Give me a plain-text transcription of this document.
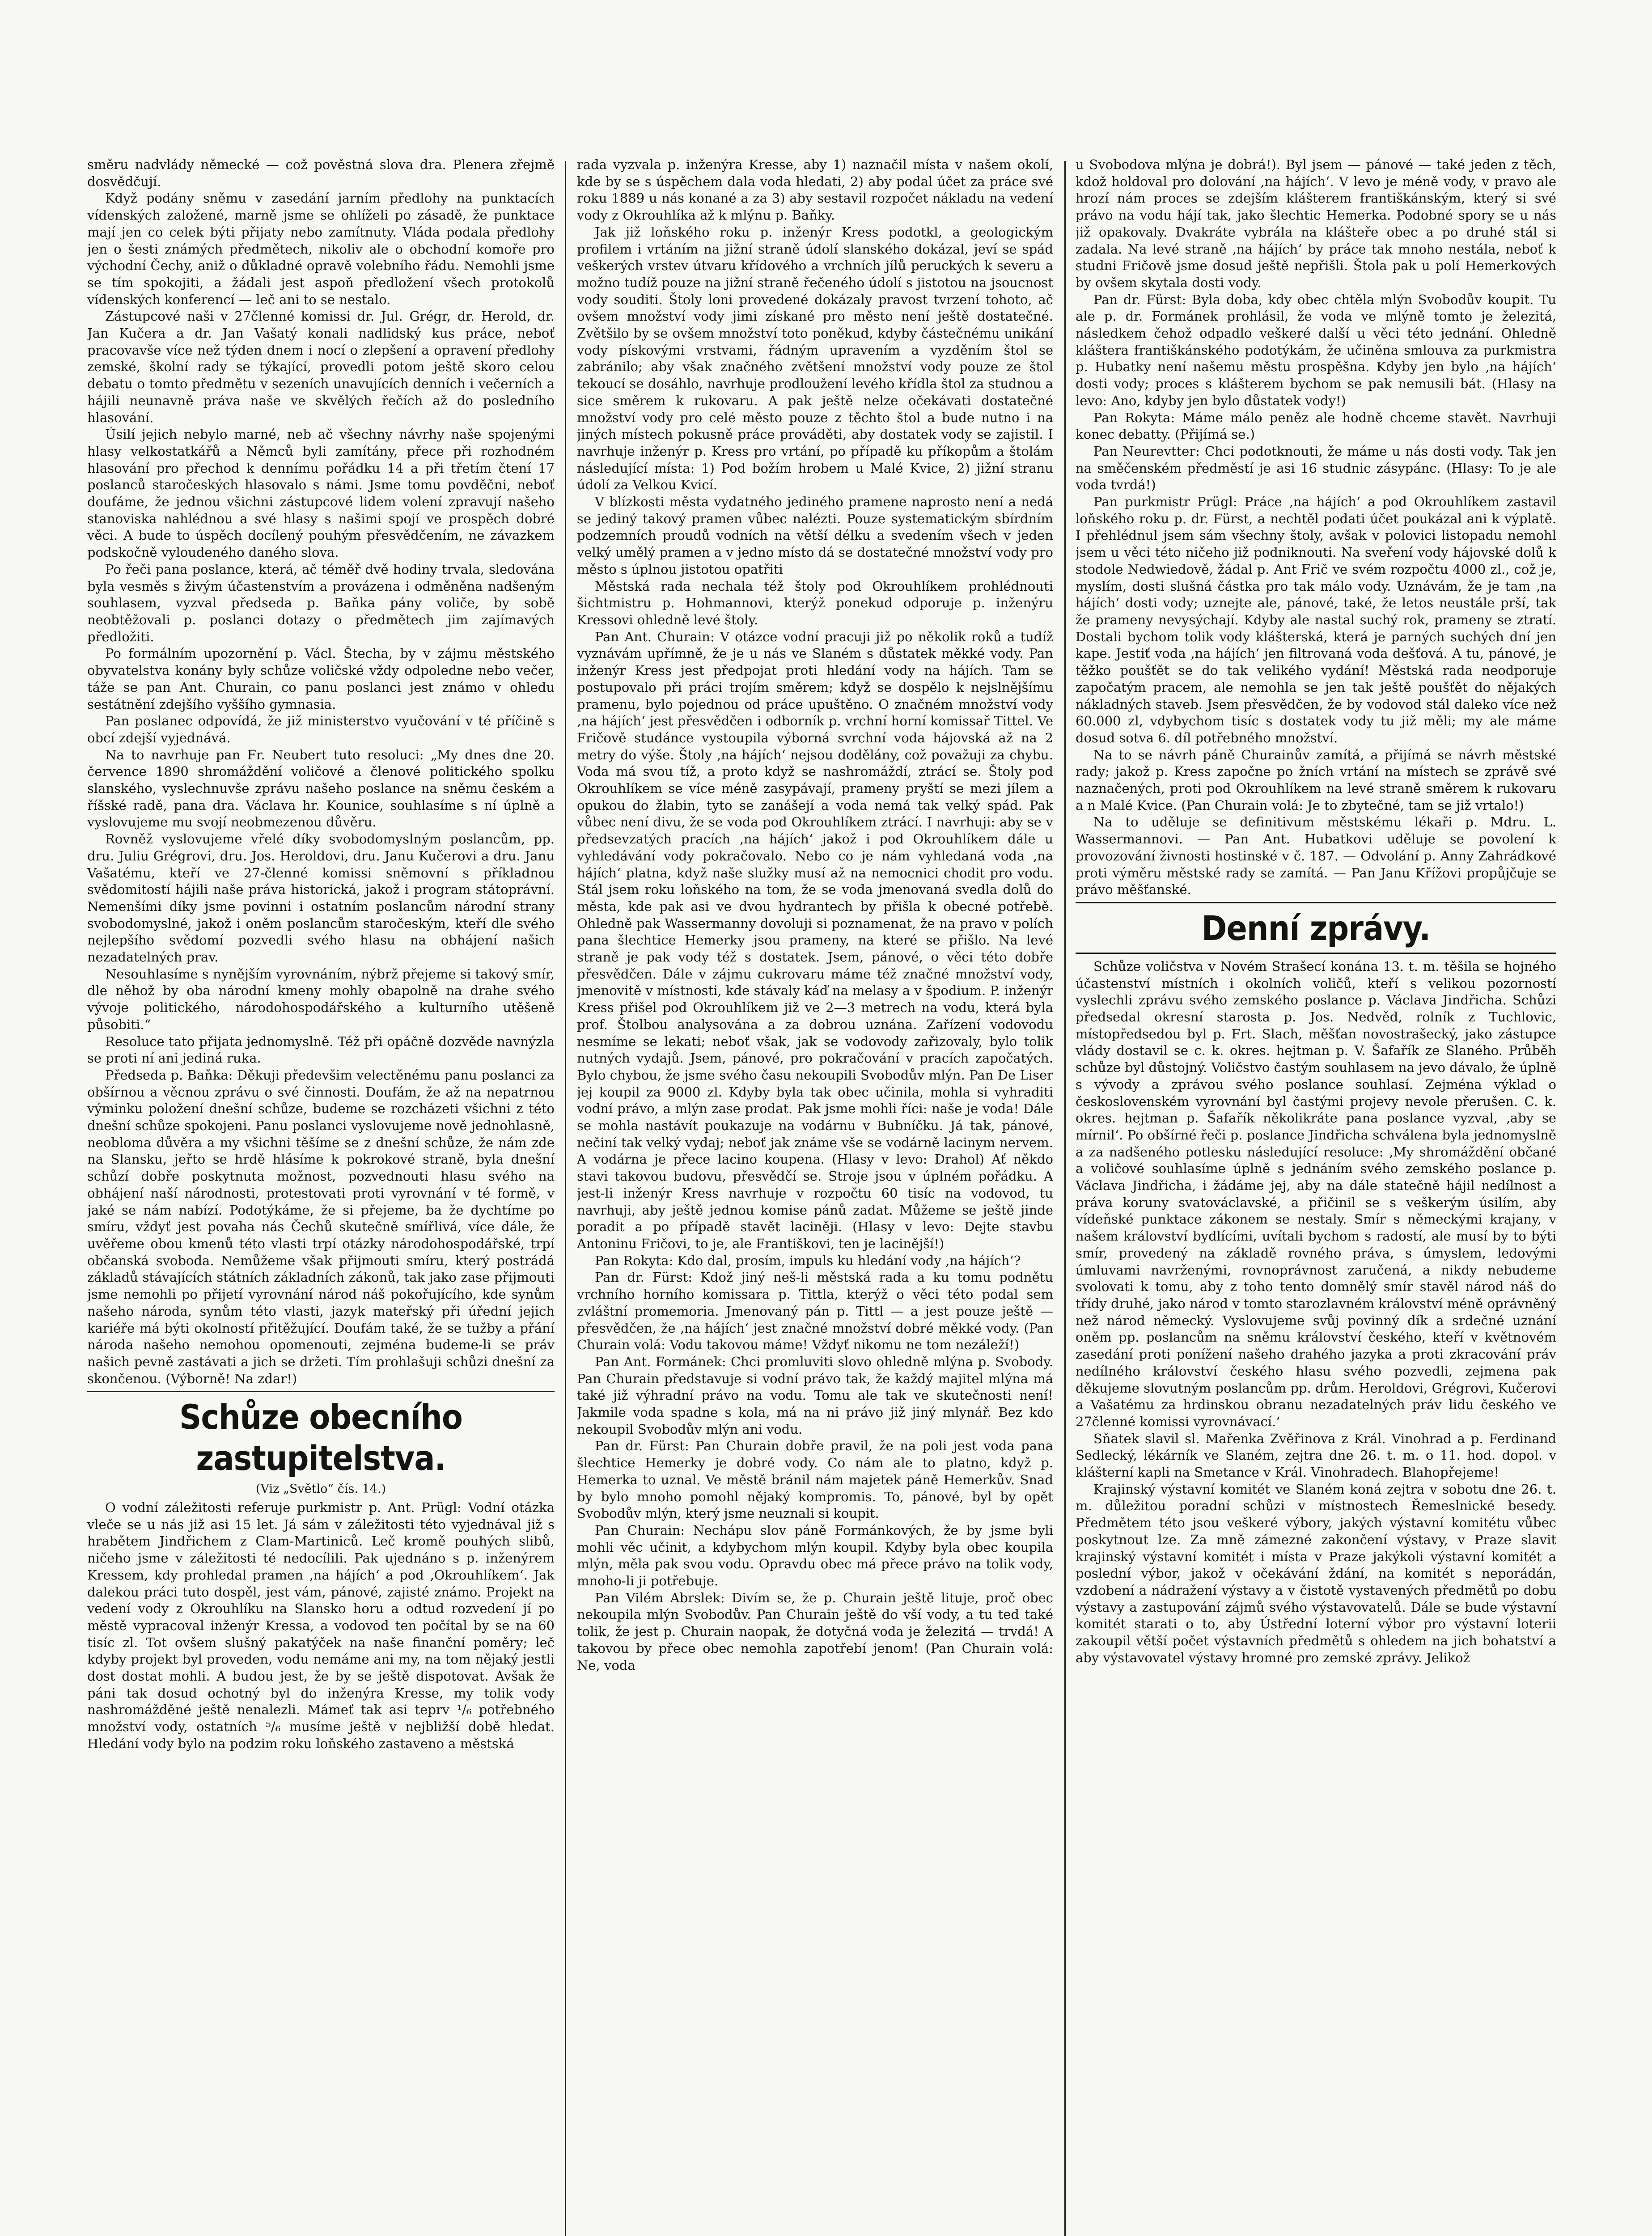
směru nadvlády německé — což pověstná slova dra. Plenera zřejmě dosvědčují.

Když podány sněmu v zasedání jarním předlohy na punktacích vídenských založené, marně jsme se ohlíželi po zásadě, že punktace mají jen co celek býti přijaty nebo zamítnuty. Vláda podala předlohy jen o šesti známých předmětech, nikoliv ale o obchodní komoře pro východní Čechy, aniž o důkladné opravě volebního řádu. Nemohli jsme se tím spokojiti, a žádali jest aspoň předložení všech protokolů vídenských konferencí — leč ani to se nestalo.

Zástupcové naši v 27členné komissi dr. Jul. Grégr, dr. Herold, dr. Jan Kučera a dr. Jan Vašatý konali nadlidský kus práce, neboť pracovavše více než týden dnem i nocí o zlepšení a opravení předlohy zemské, školní rady se týkající, provedli potom ještě skoro celou debatu o tomto předmětu v sezeních unavujících denních i večerních a hájili neunavně práva naše ve skvělých řečích až do posledního hlasování.

Úsilí jejich nebylo marné, neb ač všechny návrhy naše spojenými hlasy velkostatkářů a Němců byli zamítány, přece při rozhodném hlasování pro přechod k dennímu pořádku 14 a při třetím čtení 17 poslanců staročeských hlasovalo s námi. Jsme tomu povděčni, neboť doufáme, že jednou všichni zástupcové lidem volení zpravují našeho stanoviska nahlédnou a své hlasy s našimi spojí ve prospěch dobré věci. A bude to úspěch docílený pouhým přesvědčením, ne závazkem podskočně vyloudeného daného slova.

Po řeči pana poslance, která, ač téměř dvě hodiny trvala, sledována byla vesměs s živým účastenstvím a provázena i odměněna nadšeným souhlasem, vyzval předseda p. Baňka pány voliče, by sobě neobtěžovali p. poslanci dotazy o předmětech jim zajímavých předložiti.

Po formálním upozornění p. Václ. Štecha, by v zájmu městského obyvatelstva konány byly schůze voličské vždy odpoledne nebo večer, táže se pan Ant. Churain, co panu poslanci jest známo v ohledu sestátnění zdejšího vyššího gymnasia.

Pan poslanec odpovídá, že již ministerstvo vyučování v té příčině s obcí zdejší vyjednává.

Na to navrhuje pan Fr. Neubert tuto resoluci: „My dnes dne 20. července 1890 shromáždění voličové a členové politického spolku slanského, vyslechnuvše zprávu našeho poslance na sněmu českém a říšské radě, pana dra. Václava hr. Kounice, souhlasíme s ní úplně a vyslovujeme mu svojí neobmezenou důvěru.

Rovněž vyslovujeme vřelé díky svobodomyslným poslancům, pp. dru. Juliu Grégrovi, dru. Jos. Heroldovi, dru. Janu Kučerovi a dru. Janu Vašatému, kteří ve 27-členné komissi sněmovní s příkladnou svědomitostí hájili naše práva historická, jakož i program státoprávní. Nemenšími díky jsme povinni i ostatním poslancům národní strany svobodomyslné, jakož i oněm poslancům staročeským, kteří dle svého nejlepšího svědomí pozvedli svého hlasu na obhájení našich nezadatelných prav.

Nesouhlasíme s nynějším vyrovnáním, nýbrž přejeme si takový smír, dle něhož by oba národní kmeny mohly obapolně na drahe svého vývoje politického, národohospodářského a kulturního utěšeně působiti.“

Resoluce tato přijata jednomyslně. Též při opáčně dozvěde navnýzla se proti ní ani jediná ruka.

Předseda p. Baňka: Děkuji předevšim velectěnému panu poslanci za obšírnou a věcnou zprávu o své činnosti. Doufám, že až na nepatrnou výminku položení dnešní schůze, budeme se rozcházeti všichni z této dnešní schůze spokojeni. Panu poslanci vyslovujeme nově jednohlasně, neobloma důvěra a my všichni těšíme se z dnešní schůze, že nám zde na Slansku, jeřto se hrdě hlásíme k pokrokové straně, byla dnešní schůzí dobře poskytnuta možnost, pozvednouti hlasu svého na obhájení naší národnosti, protestovati proti vyrovnání v té formě, v jaké se nám nabízí. Podotýkáme, že si přejeme, ba že dychtíme po smíru, vždyť jest povaha nás Čechů skutečně smířlivá, více dále, že uvěřeme obou kmenů této vlasti trpí otázky národohospodářské, trpí občanská svoboda. Nemůžeme však přijmouti smíru, který postrádá základů stávajících státních základních zákonů, tak jako zase přijmouti jsme nemohli po přijetí vyrovnání národ náš pokořujícího, kde synům našeho národa, synům této vlasti, jazyk mateřský při úřední jejich kariéře má býti okolností přitěžující. Doufám také, že se tužby a přání národa našeho nemohou opomenouti, zejména budeme-li se práv našich pevně zastávati a jich se držeti. Tím prohlašuji schůzi dnešní za skončenou. (Výborně! Na zdar!)

Schůze obecního zastupitelstva.
(Viz „Světlo“ čís. 14.)

O vodní záležitosti referuje purkmistr p. Ant. Prügl: Vodní otázka vleče se u nás již asi 15 let. Já sám v záležitosti této vyjednával již s hrabětem Jindřichem z Clam-Martiniců. Leč kromě pouhých slibů, ničeho jsme v záležitosti té nedocílili. Pak ujednáno s p. inženýrem Kressem, kdy prohledal pramen ‚na hájích‘ a pod ‚Okrouhlíkem‘. Jak dalekou práci tuto dospěl, jest vám, pánové, zajisté známo. Projekt na vedení vody z Okrouhlíku na Slansko horu a odtud rozvedení jí po městě vypracoval inženýr Kressa, a vodovod ten počítal by se na 60 tisíc zl. Tot ovšem slušný pakatýček na naše finanční poměry; leč kdyby projekt byl proveden, vodu nemáme ani my, na tom nějaký jestli dost dostat mohli. A budou jest, že by se ještě dispotovat. Avšak že páni tak dosud ochotný byl do inženýra Kresse, my tolik vody nashromážděné ještě nenalezli. Mámeť tak asi teprv ¹/₆ potřebného množství vody, ostatních ⁵/₆ musíme ještě v nejbližší době hledat. Hledání vody bylo na podzim roku loňského zastaveno a městská

rada vyzvala p. inženýra Kresse, aby 1) naznačil místa v našem okolí, kde by se s úspěchem dala voda hledati, 2) aby podal účet za práce své roku 1889 u nás konané a za 3) aby sestavil rozpočet nákladu na vedení vody z Okrouhlíka až k mlýnu p. Baňky.

Jak již loňského roku p. inženýr Kress podotkl, a geologickým profilem i vrtáním na jižní straně údolí slanského dokázal, jeví se spád veškerých vrstev útvaru křídového a vrchních jílů peruckých k severu a možno tudíž pouze na jižní straně řečeného údolí s jistotou na jsoucnost vody souditi. Štoly loni provedené dokázaly pravost tvrzení tohoto, ač ovšem množství vody jimi získané pro město není ještě dostatečné. Zvětšilo by se ovšem množství toto poněkud, kdyby částečnému unikání vody pískovými vrstvami, řádným upravením a vyzděním štol se zabránilo; aby však značného zvětšení množství vody pouze ze štol tekoucí se dosáhlo, navrhuje prodloužení levého křídla štol za studnou a sice směrem k rukovaru. A pak ještě nelze očekávati dostatečné množství vody pro celé město pouze z těchto štol a bude nutno i na jiných místech pokusně práce prováděti, aby dostatek vody se zajistil. I navrhuje inženýr p. Kress pro vrtání, po případě ku příkopům a štolám následující místa: 1) Pod božím hrobem u Malé Kvice, 2) jižní stranu údolí za Velkou Kvicí.

V blízkosti města vydatného jediného pramene naprosto není a nedá se jediný takový pramen vůbec nalézti. Pouze systematickým sbírdním podzemních proudů vodních na větší délku a svedením všech v jeden velký umělý pramen a v jedno místo dá se dostatečné množství vody pro město s úplnou jistotou opatřiti

Městská rada nechala též štoly pod Okrouhlíkem prohlédnouti šichtmistru p. Hohmannovi, kterýž ponekud odporuje p. inženýru Kressovi ohledně levé štoly.

Pan Ant. Churain: V otázce vodní pracuji již po několik roků a tudíž vyznávám upřímně, že je u nás ve Slaném s důstatek měkké vody. Pan inženýr Kress jest předpojat proti hledání vody na hájích. Tam se postupovalo při práci trojím směrem; když se dospělo k nejslnějšímu pramenu, bylo pojednou od práce upuštěno. O značném množství vody ‚na hájích‘ jest přesvědčen i odborník p. vrchní horní komissař Tittel. Ve Fričově studánce vystoupila výborná svrchní voda hájovská až na 2 metry do výše. Štoly ‚na hájích‘ nejsou dodělány, což považuji za chybu. Voda má svou tíž, a proto když se nashromáždí, ztrácí se. Štoly pod Okrouhlíkem se více méně zasypávají, prameny pryští se mezi jílem a opukou do žlabin, tyto se zanášejí a voda nemá tak velký spád. Pak vůbec není divu, že se voda pod Okrouhlíkem ztrácí. I navrhuji: aby se v předsevzatých pracích ‚na hájích‘ jakož i pod Okrouhlíkem dále u vyhledávání vody pokračovalo. Nebo co je nám vyhledaná voda ‚na hájích‘ platna, když naše služky musí až na nemocnici chodit pro vodu. Stál jsem roku loňského na tom, že se voda jmenovaná svedla dolů do města, kde pak asi ve dvou hydrantech by přišla k obecné potřebě. Ohledně pak Wassermanny dovoluji si poznamenat, že na pravo v polích pana šlechtice Hemerky jsou prameny, na které se přišlo. Na levé straně je pak vody též s dostatek. Jsem, pánové, o věci této dobře přesvědčen. Dále v zájmu cukrovaru máme též značné množství vody, jmenovitě v místnosti, kde stávaly káď na melasy a v špodium. P. inženýr Kress přišel pod Okrouhlíkem již ve 2—3 metrech na vodu, která byla prof. Štolbou analysována a za dobrou uznána. Zařízení vodovodu nesmíme se lekati; neboť však, jak se vodovody zařizovaly, bylo tolik nutných vydajů. Jsem, pánové, pro pokračování v pracích započatých. Bylo chybou, že jsme svého času nekoupili Svobodův mlýn. Pan De Liser jej koupil za 9000 zl. Kdyby byla tak obec učinila, mohla si vyhraditi vodní právo, a mlýn zase prodat. Pak jsme mohli říci: naše je voda! Dále se mohla nastávít poukazuje na vodárnu v Bubníčku. Já tak, pánové, nečiní tak velký vydaj; neboť jak známe vše se vodárně lacinym nervem. A vodárna je přece lacino koupena. (Hlasy v levo: Drahol) Ať někdo stavi takovou budovu, přesvědčí se. Stroje jsou v úplném pořádku. A jest-li inženýr Kress navrhuje v rozpočtu 60 tisíc na vodovod, tu navrhuji, aby ještě jednou komise pánů zadat. Můžeme se ještě jinde poradit a po případě stavět laciněji. (Hlasy v levo: Dejte stavbu Antoninu Fričovi, to je, ale Františkovi, ten je lacinější!)

Pan Rokyta: Kdo dal, prosím, impuls ku hledání vody ‚na hájích‘?

Pan dr. Fürst: Kdož jiný neš-li městská rada a ku tomu podnětu vrchního horního komissara p. Tittla, kterýž o věci této podal sem zvláštní promemoria. Jmenovaný pán p. Tittl — a jest pouze ještě — přesvědčen, že ‚na hájích‘ jest značné množství dobré měkké vody. (Pan Churain volá: Vodu takovou máme! Vždyť nikomu ne tom nezáleží!)

Pan Ant. Formánek: Chci promluviti slovo ohledně mlýna p. Svobody. Pan Churain představuje si vodní právo tak, že každý majitel mlýna má také již výhradní právo na vodu. Tomu ale tak ve skutečnosti není! Jakmile voda spadne s kola, má na ni právo již jiný mlynář. Bez kdo nekoupil Svobodův mlýn ani vodu.

Pan dr. Fürst: Pan Churain dobře pravil, že na poli jest voda pana šlechtice Hemerky je dobré vody. Co nám ale to platno, když p. Hemerka to uznal. Ve městě bránil nám majetek páně Hemerkův. Snad by bylo mnoho pomohl nějaký kompromis. To, pánové, byl by opět Svobodův mlýn, který jsme neuznali si koupit.

Pan Churain: Nechápu slov páně Formánkových, že by jsme byli mohli věc učinit, a kdybychom mlýn koupil. Kdyby byla obec koupila mlýn, měla pak svou vodu. Opravdu obec má přece právo na tolik vody, mnoho-li ji potřebuje.

Pan Vilém Abrslek: Divím se, že p. Churain ještě lituje, proč obec nekoupila mlýn Svobodův. Pan Churain ještě do vší vody, a tu ted také tolik, že jest p. Churain naopak, že dotyčná voda je železitá — trvdá! A takovou by přece obec nemohla zapotřebí jenom! (Pan Churain volá: Ne, voda

u Svobodova mlýna je dobrá!). Byl jsem — pánové — také jeden z těch, kdož holdoval pro dolování ‚na hájích‘. V levo je méně vody, v pravo ale hrozí nám proces se zdejším klášterem františkánským, který si své právo na vodu hájí tak, jako šlechtic Hemerka. Podobné spory se u nás již opakovaly. Dvakráte vybrála na klášteře obec a po druhé stál si zadala. Na levé straně ‚na hájích‘ by práce tak mnoho nestála, neboť k studni Fričově jsme dosud ještě nepřišli. Štola pak u polí Hemerkových by ovšem skytala dosti vody.

Pan dr. Fürst: Byla doba, kdy obec chtěla mlýn Svobodův koupit. Tu ale p. dr. Formánek prohlásil, že voda ve mlýně tomto je železitá, následkem čehož odpadlo veškeré další u věci této jednání. Ohledně kláštera františkánského podotýkám, že učiněna smlouva za purkmistra p. Hubatky není našemu městu prospěšna. Kdyby jen bylo ‚na hájích‘ dosti vody; proces s klášterem bychom se pak nemusili bát. (Hlasy na levo: Ano, kdyby jen bylo důstatek vody!)

Pan Rokyta: Máme málo peněz ale hodně chceme stavět. Navrhuji konec debatty. (Přijímá se.)

Pan Neurevtter: Chci podotknouti, že máme u nás dosti vody. Tak jen na směčenském předměstí je asi 16 studnic zásypánc. (Hlasy: To je ale voda tvrdá!)

Pan purkmistr Prügl: Práce ‚na hájích‘ a pod Okrouhlíkem zastavil loňského roku p. dr. Fürst, a nechtěl podati účet poukázal ani k výplatě. I přehlédnul jsem sám všechny štoly, avšak v polovici listopadu nemohl jsem u věci této ničeho již podniknouti. Na sveření vody hájovské dolů k stodole Nedwiedově, žádal p. Ant Frič ve svém rozpočtu 4000 zl., což je, myslím, dosti slušná částka pro tak málo vody. Uznávám, že je tam ‚na hájích‘ dosti vody; uznejte ale, pánové, také, že letos neustále prší, tak že prameny nevysýchají. Kdyby ale nastal suchý rok, prameny se ztratí. Dostali bychom tolik vody klášterská, která je parných suchých dní jen kape. Jestiť voda ‚na hájích‘ jen filtrovaná voda dešťová. A tu, pánové, je těžko poušťět se do tak velikého vydání! Městská rada neodporuje započatým pracem, ale nemohla se jen tak ještě poušťět do nějakých nákladných staveb. Jsem přesvědčen, že by vodovod stál daleko více než 60.000 zl, vdybychom tisíc s dostatek vody tu již měli; my ale máme dosud sotva 6. díl potřebného množství.

Na to se návrh páně Churainův zamítá, a přijímá se návrh městské rady; jakož p. Kress započne po žních vrtání na místech se zprávě své naznačených, proti pod Okrouhlíkem na levé straně směrem k rukovaru a n Malé Kvice. (Pan Churain volá: Je to zbytečné, tam se již vrtalo!)

Na to uděluje se definitivum městskému lékaři p. Mdru. L. Wassermannovi. — Pan Ant. Hubatkovi uděluje se povolení k provozování živnosti hostinské v č. 187. — Odvolání p. Anny Zahrádkové proti výměru městské rady se zamítá. — Pan Janu Křížovi propůjčuje se právo měšťanské.

Denní zprávy.

Schůze voličstva v Novém Strašecí konána 13. t. m. těšila se hojného účastenství místních i okolních voličů, kteří s velikou pozorností vyslechli zprávu svého zemského poslance p. Václava Jindřicha. Schůzi předsedal okresní starosta p. Jos. Nedvěd, rolník z Tuchlovic, místopředsedou byl p. Frt. Slach, měšťan novostrašecký, jako zástupce vlády dostavil se c. k. okres. hejtman p. V. Šafařík ze Slaného. Průběh schůze byl důstojný. Voličstvo častým souhlasem na jevo dávalo, že úplně s vývody a zprávou svého poslance souhlasí. Zejména výklad o československém vyrovnání byl častými projevy nevole přerušen. C. k. okres. hejtman p. Šafařík několikráte pana poslance vyzval, ‚aby se mírnil‘. Po obšírné řeči p. poslance Jindřicha schválena byla jednomyslně a za nadšeného potlesku následující resoluce: ‚My shromáždění občané a voličové souhlasíme úplně s jednáním svého zemského poslance p. Václava Jindřicha, i žádáme jej, aby na dále statečně hájil nedílnost a práva koruny svatováclavské, a přičinil se s veškerým úsilím, aby vídeňské punktace zákonem se nestaly. Smír s německými krajany, v našem království bydlícími, uvítali bychom s radostí, ale musí by to býti smír, provedený na základě rovného práva, s úmyslem, ledovými úmluvami navrženými, rovnoprávnost zaručená, a nikdy nebudeme svolovati k tomu, aby z toho tento domnělý smír stavěl národ náš do třídy druhé, jako národ v tomto starozlavném království méně oprávněný než národ německý. Vyslovujeme svůj povinný dík a srdečné uznání oněm pp. poslancům na sněmu království českého, kteří v květnovém zasedání proti ponížení našeho drahého jazyka a proti zkracování práv nedílného království českého hlasu svého pozvedli, zejmena pak děkujeme slovutným poslancům pp. drům. Heroldovi, Grégrovi, Kučerovi a Vašatému za hrdinskou obranu nezadatelných práv lidu českého ve 27členné komissi vyrovnávací.‘

Sňatek slavil sl. Mařenka Zvěřinova z Král. Vinohrad a p. Ferdinand Sedlecký, lékárník ve Slaném, zejtra dne 26. t. m. o 11. hod. dopol. v klášterní kapli na Smetance v Král. Vinohradech. Blahopřejeme!

Krajinský výstavní komitét ve Slaném koná zejtra v sobotu dne 26. t. m. důležitou poradní schůzi v místnostech Řemeslnické besedy. Předmětem této jsou veškeré výbory, jakých výstavní komitétu vůbec poskytnout lze. Za mně zámezné zakončení výstavy, v Praze slavit krajinský výstavní komitét i místa v Praze jakýkoli výstavní komitét a poslední výbor, jakož v očekávání ždání, na komitét s neporádán, vzdobení a nádražení výstavy a v čistotě vystavených předmětů po dobu výstavy a zastupování zájmů svého výstavovatelů. Dále se bude výstavní komitét starati o to, aby Ústřední loterní výbor pro výstavní loterii zakoupil větší počet výstavních předmětů s ohledem na jich bohatství a aby výstavovatel výstavy hromné pro zemské zprávy. Jelikož
